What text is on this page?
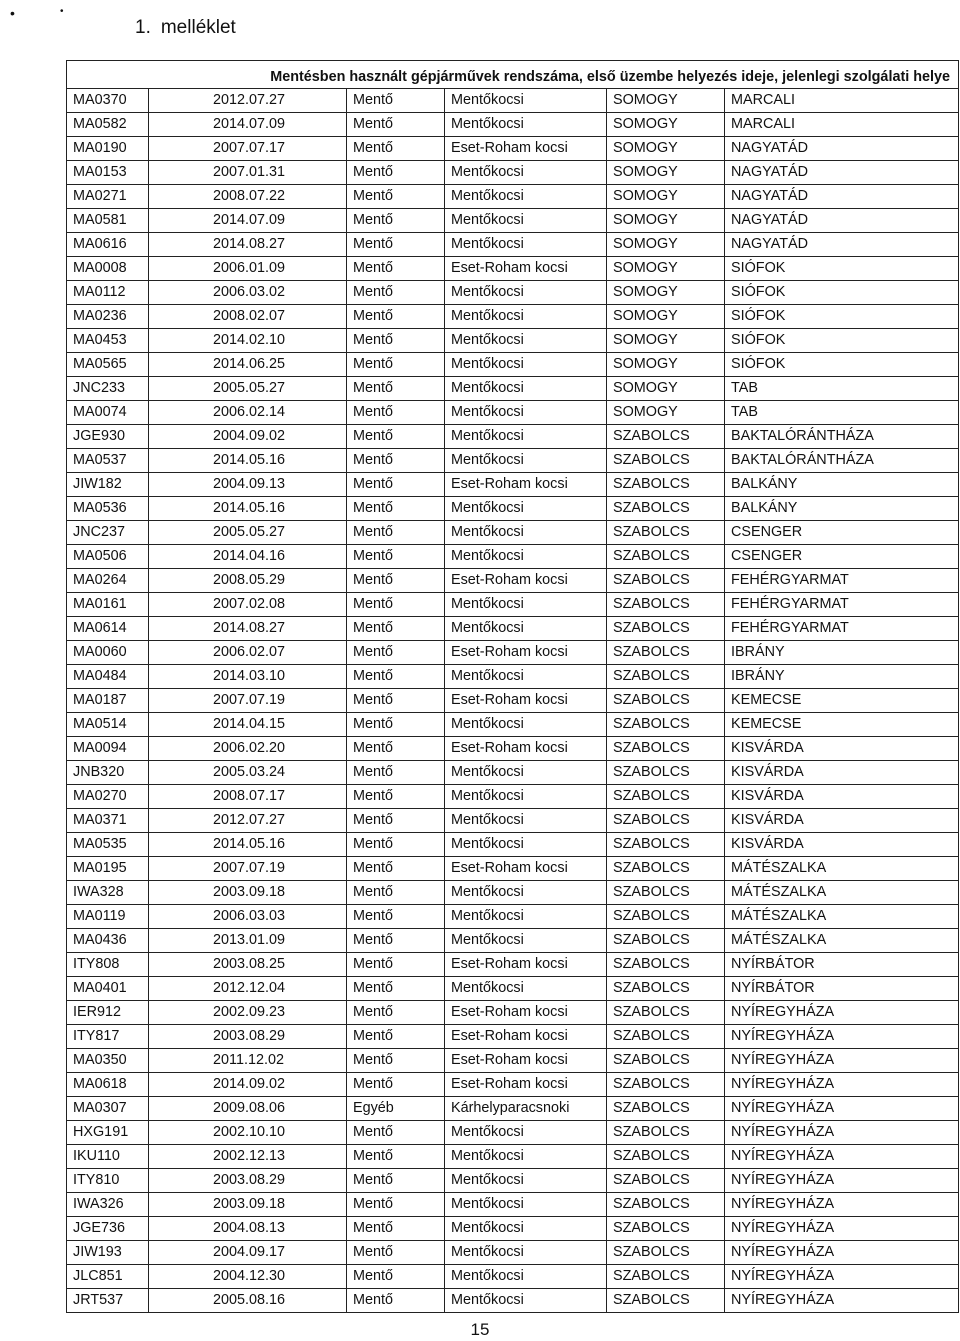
•	•
1. melléklet
Mentésben használt gépjárművek rendszáma, első üzembe helyezés ideje, jelenlegi szolgálati helye					
MA0370	2012.07.27	Mentő	Mentőkocsi	SOMOGY	MARCALI
MA0582	2014.07.09	Mentő	Mentőkocsi	SOMOGY	MARCALI
MA0190	2007.07.17	Mentő	Eset-Roham kocsi	SOMOGY	NAGYATÁD
MA0153	2007.01.31	Mentő	Mentőkocsi	SOMOGY	NAGYATÁD
MA0271	2008.07.22	Mentő	Mentőkocsi	SOMOGY	NAGYATÁD
MA0581	2014.07.09	Mentő	Mentőkocsi	SOMOGY	NAGYATÁD
MA0616	2014.08.27	Mentő	Mentőkocsi	SOMOGY	NAGYATÁD
MA0008	2006.01.09	Mentő	Eset-Roham kocsi	SOMOGY	SIÓFOK
MA0112	2006.03.02	Mentő	Mentőkocsi	SOMOGY	SIÓFOK
MA0236	2008.02.07	Mentő	Mentőkocsi	SOMOGY	SIÓFOK
MA0453	2014.02.10	Mentő	Mentőkocsi	SOMOGY	SIÓFOK
MA0565	2014.06.25	Mentő	Mentőkocsi	SOMOGY	SIÓFOK
JNC233	2005.05.27	Mentő	Mentőkocsi	SOMOGY	TAB
MA0074	2006.02.14	Mentő	Mentőkocsi	SOMOGY	TAB
JGE930	2004.09.02	Mentő	Mentőkocsi	SZABOLCS	BAKTALÓRÁNTHÁZA
MA0537	2014.05.16	Mentő	Mentőkocsi	SZABOLCS	BAKTALÓRÁNTHÁZA
JIW182	2004.09.13	Mentő	Eset-Roham kocsi	SZABOLCS	BALKÁNY
MA0536	2014.05.16	Mentő	Mentőkocsi	SZABOLCS	BALKÁNY
JNC237	2005.05.27	Mentő	Mentőkocsi	SZABOLCS	CSENGER
MA0506	2014.04.16	Mentő	Mentőkocsi	SZABOLCS	CSENGER
MA0264	2008.05.29	Mentő	Eset-Roham kocsi	SZABOLCS	FEHÉRGYARMAT
MA0161	2007.02.08	Mentő	Mentőkocsi	SZABOLCS	FEHÉRGYARMAT
MA0614	2014.08.27	Mentő	Mentőkocsi	SZABOLCS	FEHÉRGYARMAT
MA0060	2006.02.07	Mentő	Eset-Roham kocsi	SZABOLCS	IBRÁNY
MA0484	2014.03.10	Mentő	Mentőkocsi	SZABOLCS	IBRÁNY
MA0187	2007.07.19	Mentő	Eset-Roham kocsi	SZABOLCS	KEMECSE
MA0514	2014.04.15	Mentő	Mentőkocsi	SZABOLCS	KEMECSE
MA0094	2006.02.20	Mentő	Eset-Roham kocsi	SZABOLCS	KISVÁRDA
JNB320	2005.03.24	Mentő	Mentőkocsi	SZABOLCS	KISVÁRDA
MA0270	2008.07.17	Mentő	Mentőkocsi	SZABOLCS	KISVÁRDA
MA0371	2012.07.27	Mentő	Mentőkocsi	SZABOLCS	KISVÁRDA
MA0535	2014.05.16	Mentő	Mentőkocsi	SZABOLCS	KISVÁRDA
MA0195	2007.07.19	Mentő	Eset-Roham kocsi	SZABOLCS	MÁTÉSZALKA
IWA328	2003.09.18	Mentő	Mentőkocsi	SZABOLCS	MÁTÉSZALKA
MA0119	2006.03.03	Mentő	Mentőkocsi	SZABOLCS	MÁTÉSZALKA
MA0436	2013.01.09	Mentő	Mentőkocsi	SZABOLCS	MÁTÉSZALKA
ITY808	2003.08.25	Mentő	Eset-Roham kocsi	SZABOLCS	NYÍRBÁTOR
MA0401	2012.12.04	Mentő	Mentőkocsi	SZABOLCS	NYÍRBÁTOR
IER912	2002.09.23	Mentő	Eset-Roham kocsi	SZABOLCS	NYÍREGYHÁZA
ITY817	2003.08.29	Mentő	Eset-Roham kocsi	SZABOLCS	NYÍREGYHÁZA
MA0350	2011.12.02	Mentő	Eset-Roham kocsi	SZABOLCS	NYÍREGYHÁZA
MA0618	2014.09.02	Mentő	Eset-Roham kocsi	SZABOLCS	NYÍREGYHÁZA
MA0307	2009.08.06	Egyéb	Kárhelyparacsnoki	SZABOLCS	NYÍREGYHÁZA
HXG191	2002.10.10	Mentő	Mentőkocsi	SZABOLCS	NYÍREGYHÁZA
IKU110	2002.12.13	Mentő	Mentőkocsi	SZABOLCS	NYÍREGYHÁZA
ITY810	2003.08.29	Mentő	Mentőkocsi	SZABOLCS	NYÍREGYHÁZA
IWA326	2003.09.18	Mentő	Mentőkocsi	SZABOLCS	NYÍREGYHÁZA
JGE736	2004.08.13	Mentő	Mentőkocsi	SZABOLCS	NYÍREGYHÁZA
JIW193	2004.09.17	Mentő	Mentőkocsi	SZABOLCS	NYÍREGYHÁZA
JLC851	2004.12.30	Mentő	Mentőkocsi	SZABOLCS	NYÍREGYHÁZA
JRT537	2005.08.16	Mentő	Mentőkocsi	SZABOLCS	NYÍREGYHÁZA
15
